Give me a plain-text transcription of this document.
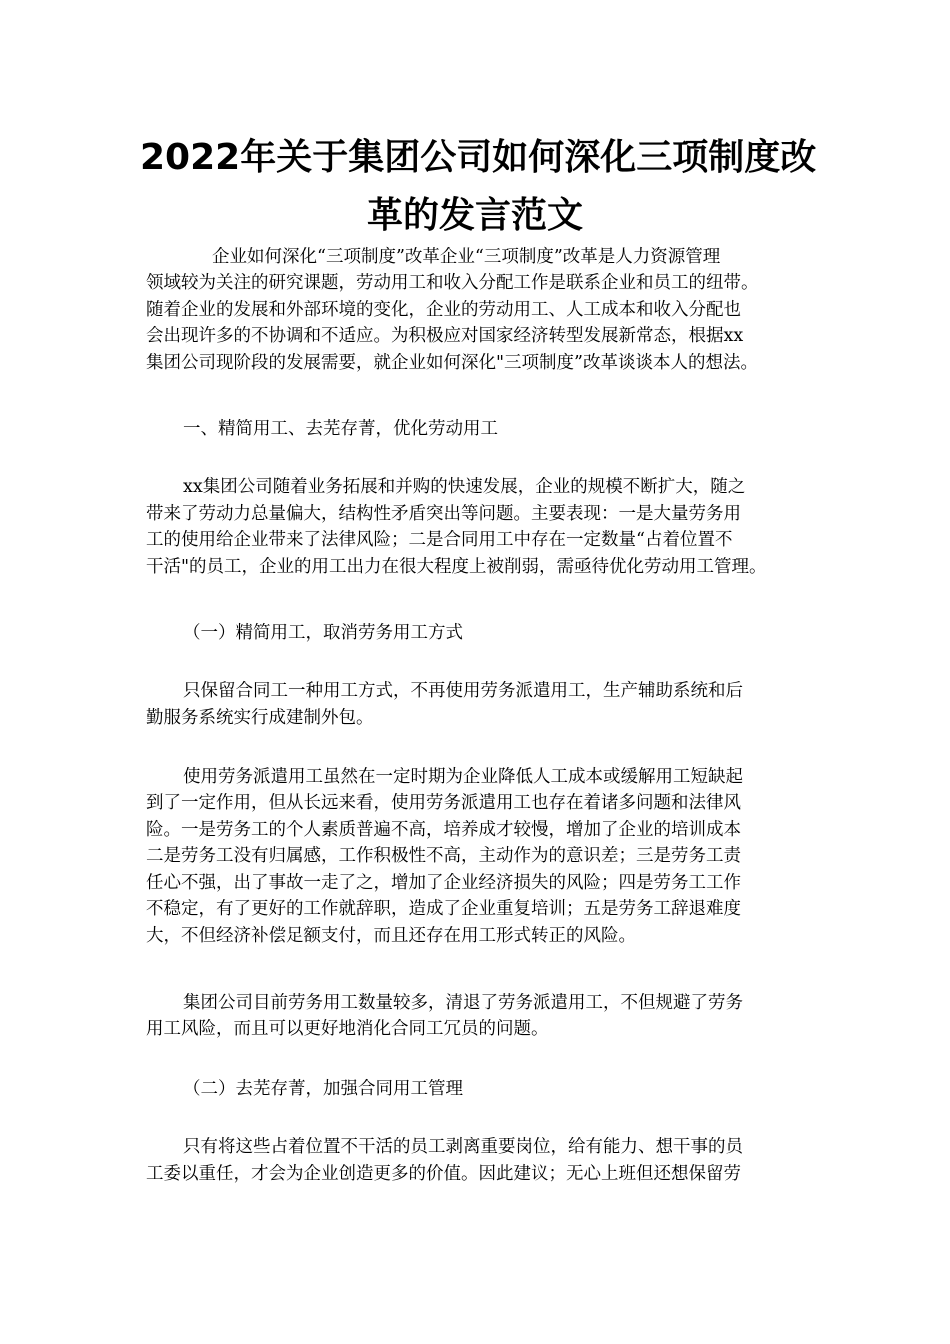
2022年关于集团公司如何深化三项制度改
革的发言范文
企业如何深化“三项制度”改革企业“三项制度”改革是人力资源管理
领域较为关注的研究课题，劳动用工和收入分配工作是联系企业和员工的纽带。
随着企业的发展和外部环境的变化，企业的劳动用工、人工成本和收入分配也
会出现许多的不协调和不适应。为积极应对国家经济转型发展新常态，根据xx
集团公司现阶段的发展需要，就企业如何深化"三项制度”改革谈谈本人的想法。
一、精简用工、去芜存菁，优化劳动用工
xx集团公司随着业务拓展和并购的快速发展，企业的规模不断扩大，随之
带来了劳动力总量偏大，结构性矛盾突出等问题。主要表现：一是大量劳务用
工的使用给企业带来了法律风险；二是合同用工中存在一定数量“占着位置不
干活"的员工，企业的用工出力在很大程度上被削弱，需亟待优化劳动用工管理。
（一）精简用工，取消劳务用工方式
只保留合同工一种用工方式，不再使用劳务派遣用工，生产辅助系统和后
勤服务系统实行成建制外包。
使用劳务派遣用工虽然在一定时期为企业降低人工成本或缓解用工短缺起
到了一定作用，但从长远来看，使用劳务派遣用工也存在着诸多问题和法律风
险。一是劳务工的个人素质普遍不高，培养成才较慢，增加了企业的培训成本
二是劳务工没有归属感，工作积极性不高，主动作为的意识差；三是劳务工责
任心不强，出了事故一走了之，增加了企业经济损失的风险；四是劳务工工作
不稳定，有了更好的工作就辞职，造成了企业重复培训；五是劳务工辞退难度
大，不但经济补偿足额支付，而且还存在用工形式转正的风险。
集团公司目前劳务用工数量较多，清退了劳务派遣用工，不但规避了劳务
用工风险，而且可以更好地消化合同工冗员的问题。
（二）去芜存菁，加强合同用工管理
只有将这些占着位置不干活的员工剥离重要岗位，给有能力、想干事的员
工委以重任，才会为企业创造更多的价值。因此建议；无心上班但还想保留劳
